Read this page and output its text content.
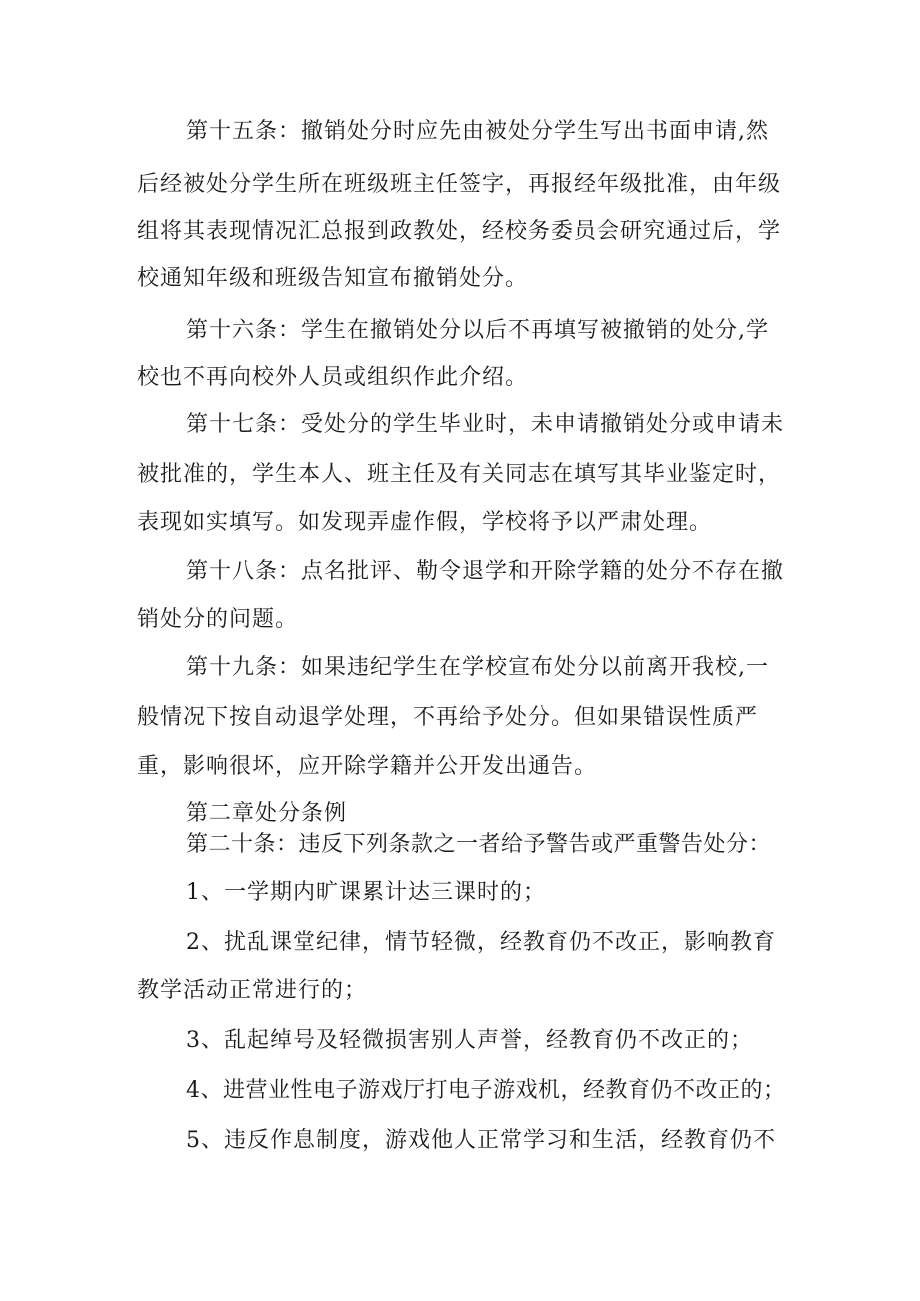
第十五条：撤销处分时应先由被处分学生写出书面申请,然

后经被处分学生所在班级班主任签字，再报经年级批准，由年级

组将其表现情况汇总报到政教处，经校务委员会研究通过后，学

校通知年级和班级告知宣布撤销处分。

第十六条：学生在撤销处分以后不再填写被撤销的处分,学

校也不再向校外人员或组织作此介绍。

第十七条：受处分的学生毕业时，未申请撤销处分或申请未

被批准的，学生本人、班主任及有关同志在填写其毕业鉴定时，

表现如实填写。如发现弄虚作假，学校将予以严肃处理。

第十八条：点名批评、勒令退学和开除学籍的处分不存在撤

销处分的问题。

第十九条：如果违纪学生在学校宣布处分以前离开我校,一

般情况下按自动退学处理，不再给予处分。但如果错误性质严

重，影响很坏，应开除学籍并公开发出通告。

第二章处分条例

第二十条：违反下列条款之一者给予警告或严重警告处分：

1、一学期内旷课累计达三课时的；

2、扰乱课堂纪律，情节轻微，经教育仍不改正，影响教育

教学活动正常进行的；

3、乱起绰号及轻微损害别人声誉，经教育仍不改正的；

4、进营业性电子游戏厅打电子游戏机，经教育仍不改正的；

5、违反作息制度，游戏他人正常学习和生活，经教育仍不
